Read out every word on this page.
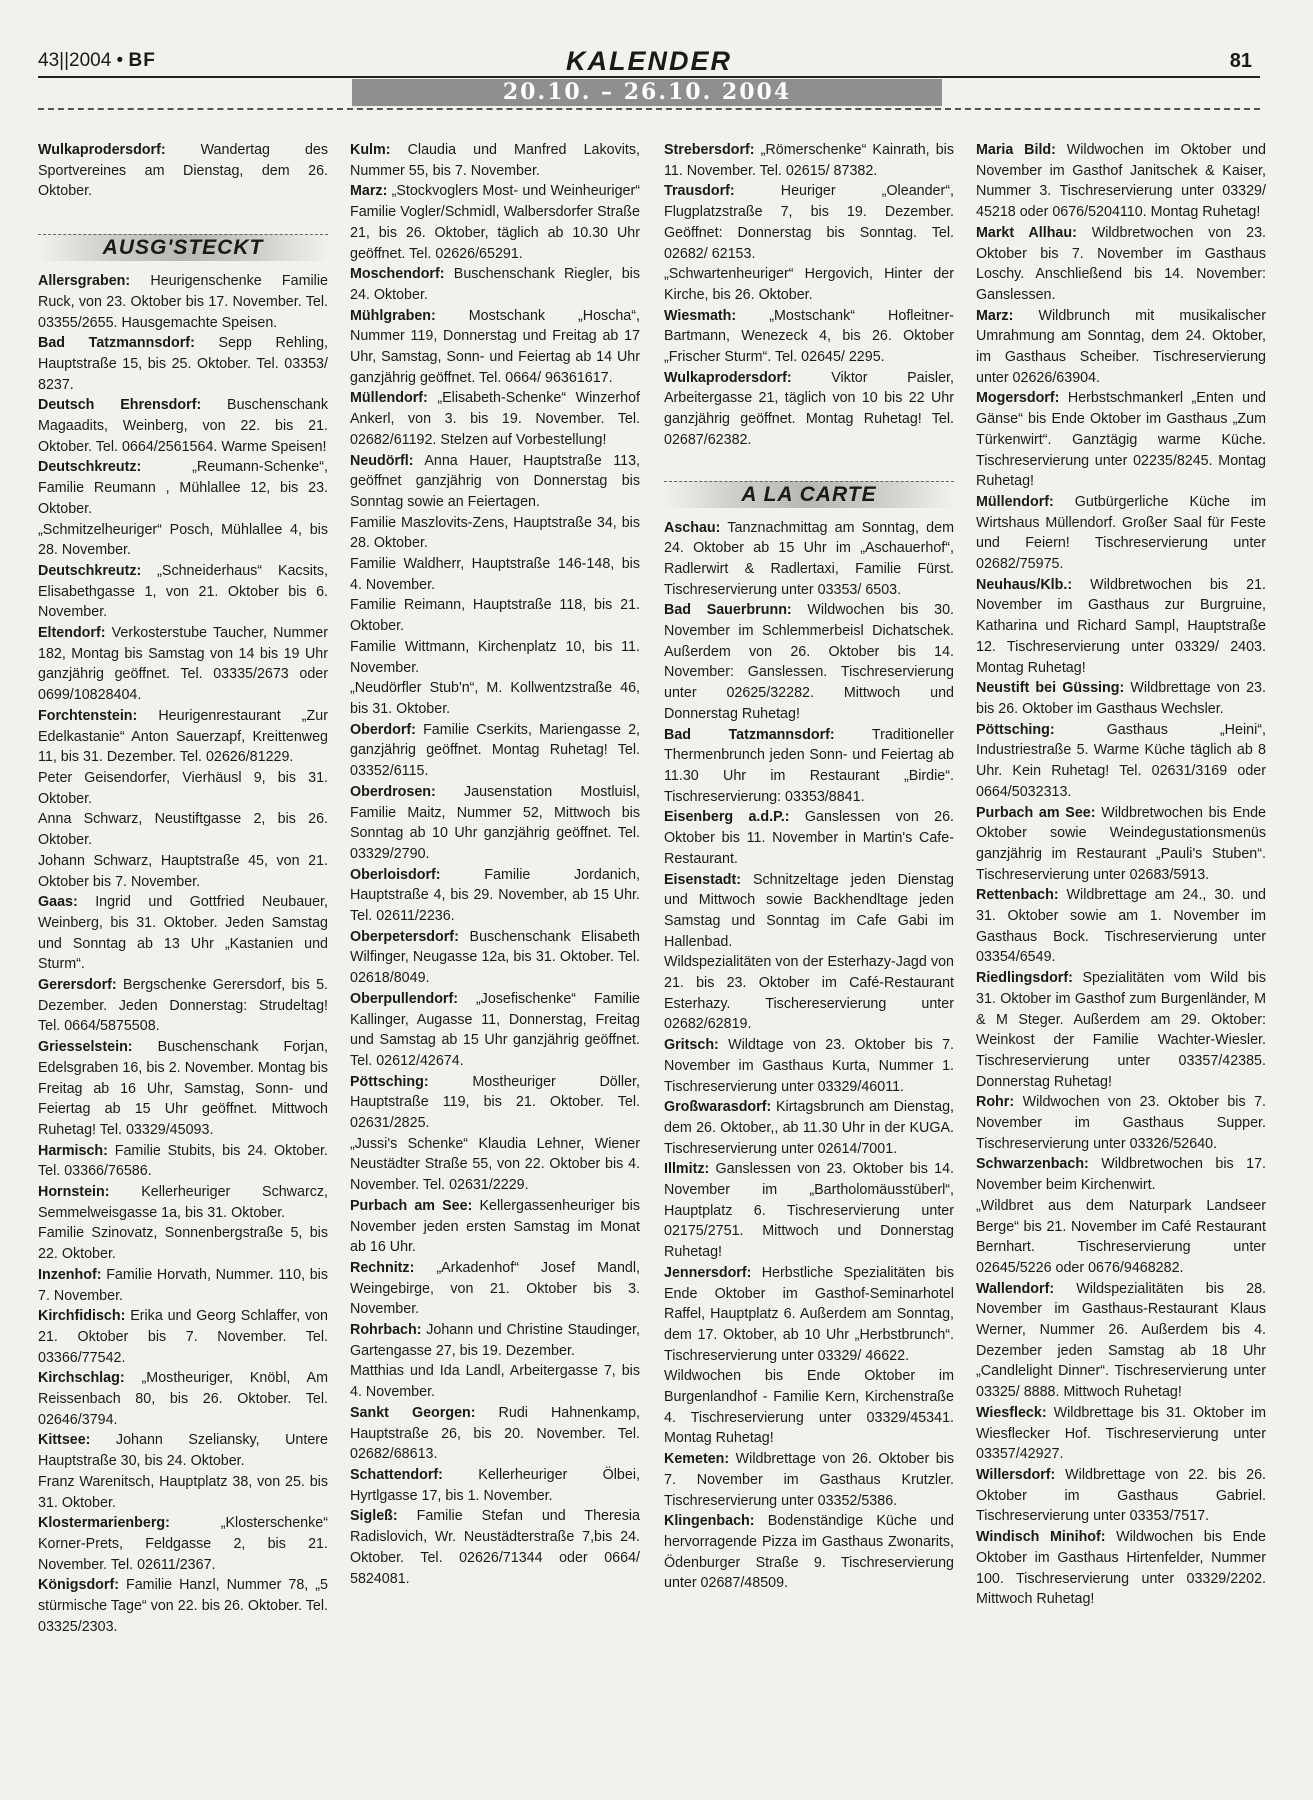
43||2004 • BF	KALENDER	81
20.10. – 26.10. 2004

Wulkaprodersdorf: Wandertag des Sportvereines am Dienstag, dem 26. Oktober.

AUSG'STECKT

Allersgraben: Heurigenschenke Familie Ruck, von 23. Oktober bis 17. November. Tel. 03355/2655. Hausgemachte Speisen.

Bad Tatzmannsdorf: Sepp Rehling, Hauptstraße 15, bis 25. Oktober. Tel. 03353/ 8237.

Deutsch Ehrensdorf: Buschenschank Magaadits, Weinberg, von 22. bis 21. Oktober. Tel. 0664/2561564. Warme Speisen!

Deutschkreutz: „Reumann-Schenke“, Familie Reumann , Mühlallee 12, bis 23. Oktober.

„Schmitzelheuriger“ Posch, Mühlallee 4, bis 28. November.

Deutschkreutz: „Schneiderhaus“ Kacsits, Elisabethgasse 1, von 21. Oktober bis 6. November.

Eltendorf: Verkosterstube Taucher, Nummer 182, Montag bis Samstag von 14 bis 19 Uhr ganzjährig geöffnet. Tel. 03335/2673 oder 0699/10828404.

Forchtenstein: Heurigenrestaurant „Zur Edelkastanie“ Anton Sauerzapf, Kreittenweg 11, bis 31. Dezember. Tel. 02626/81229.

Peter Geisendorfer, Vierhäusl 9, bis 31. Oktober.

Anna Schwarz, Neustiftgasse 2, bis 26. Oktober.

Johann Schwarz, Hauptstraße 45, von 21. Oktober bis 7. November.

Gaas: Ingrid und Gottfried Neubauer, Weinberg, bis 31. Oktober. Jeden Samstag und Sonntag ab 13 Uhr „Kastanien und Sturm“.

Gerersdorf: Bergschenke Gerersdorf, bis 5. Dezember. Jeden Donnerstag: Strudeltag! Tel. 0664/5875508.

Griesselstein: Buschenschank Forjan, Edelsgraben 16, bis 2. November. Montag bis Freitag ab 16 Uhr, Samstag, Sonn- und Feiertag ab 15 Uhr geöffnet. Mittwoch Ruhetag! Tel. 03329/45093.

Harmisch: Familie Stubits, bis 24. Oktober. Tel. 03366/76586.

Hornstein: Kellerheuriger Schwarcz, Semmelweisgasse 1a, bis 31. Oktober.

Familie Szinovatz, Sonnenbergstraße 5, bis 22. Oktober.

Inzenhof: Familie Horvath, Nummer. 110, bis 7. November.

Kirchfidisch: Erika und Georg Schlaffer, von 21. Oktober bis 7. November. Tel. 03366/77542.

Kirchschlag: „Mostheuriger, Knöbl, Am Reissenbach 80, bis 26. Oktober. Tel. 02646/3794.

Kittsee: Johann Szeliansky, Untere Hauptstraße 30, bis 24. Oktober.

Franz Warenitsch, Hauptplatz 38, von 25. bis 31. Oktober.

Klostermarienberg: „Klosterschenke“ Korner-Prets, Feldgasse 2, bis 21. November. Tel. 02611/2367.

Königsdorf: Familie Hanzl, Nummer 78, „5 stürmische Tage“ von 22. bis 26. Oktober. Tel. 03325/2303.

Kulm: Claudia und Manfred Lakovits, Nummer 55, bis 7. November.

Marz: „Stockvoglers Most- und Weinheuriger“ Familie Vogler/Schmidl, Walbersdorfer Straße 21, bis 26. Oktober, täglich ab 10.30 Uhr geöffnet. Tel. 02626/65291.

Moschendorf: Buschenschank Riegler, bis 24. Oktober.

Mühlgraben: Mostschank „Hoscha“, Nummer 119, Donnerstag und Freitag ab 17 Uhr, Samstag, Sonn- und Feiertag ab 14 Uhr ganzjährig geöffnet. Tel. 0664/ 96361617.

Müllendorf: „Elisabeth-Schenke“ Winzerhof Ankerl, von 3. bis 19. November. Tel. 02682/61192. Stelzen auf Vorbestellung!

Neudörfl: Anna Hauer, Hauptstraße 113, geöffnet ganzjährig von Donnerstag bis Sonntag sowie an Feiertagen.

Familie Maszlovits-Zens, Hauptstraße 34, bis 28. Oktober.

Familie Waldherr, Hauptstraße 146-148, bis 4. November.

Familie Reimann, Hauptstraße 118, bis 21. Oktober.

Familie Wittmann, Kirchenplatz 10, bis 11. November.

„Neudörfler Stub'n“, M. Kollwentzstraße 46, bis 31. Oktober.

Oberdorf: Familie Cserkits, Mariengasse 2, ganzjährig geöffnet. Montag Ruhetag! Tel. 03352/6115.

Oberdrosen: Jausenstation Mostluisl, Familie Maitz, Nummer 52, Mittwoch bis Sonntag ab 10 Uhr ganzjährig geöffnet. Tel. 03329/2790.

Oberloisdorf: Familie Jordanich, Hauptstraße 4, bis 29. November, ab 15 Uhr. Tel. 02611/2236.

Oberpetersdorf: Buschenschank Elisabeth Wilfinger, Neugasse 12a, bis 31. Oktober. Tel. 02618/8049.

Oberpullendorf: „Josefischenke“ Familie Kallinger, Augasse 11, Donnerstag, Freitag und Samstag ab 15 Uhr ganzjährig geöffnet. Tel. 02612/42674.

Pöttsching: Mostheuriger Döller, Hauptstraße 119, bis 21. Oktober. Tel. 02631/2825.

„Jussi's Schenke“ Klaudia Lehner, Wiener Neustädter Straße 55, von 22. Oktober bis 4. November. Tel. 02631/2229.

Purbach am See: Kellergassenheuriger bis November jeden ersten Samstag im Monat ab 16 Uhr.

Rechnitz: „Arkadenhof“ Josef Mandl, Weingebirge, von 21. Oktober bis 3. November.

Rohrbach: Johann und Christine Staudinger, Gartengasse 27, bis 19. Dezember.

Matthias und Ida Landl, Arbeitergasse 7, bis 4. November.

Sankt Georgen: Rudi Hahnenkamp, Hauptstraße 26, bis 20. November. Tel. 02682/68613.

Schattendorf: Kellerheuriger Ölbei, Hyrtlgasse 17, bis 1. November.

Sigleß: Familie Stefan und Theresia Radislovich, Wr. Neustädterstraße 7,bis 24. Oktober. Tel. 02626/71344 oder 0664/ 5824081.

Strebersdorf: „Römerschenke“ Kainrath, bis 11. November. Tel. 02615/ 87382.

Trausdorf: Heuriger „Oleander“, Flugplatzstraße 7, bis 19. Dezember. Geöffnet: Donnerstag bis Sonntag. Tel. 02682/ 62153.

„Schwartenheuriger“ Hergovich, Hinter der Kirche, bis 26. Oktober.

Wiesmath: „Mostschank“ Hofleitner-Bartmann, Wenezeck 4, bis 26. Oktober „Frischer Sturm“. Tel. 02645/ 2295.

Wulkaprodersdorf: Viktor Paisler, Arbeitergasse 21, täglich von 10 bis 22 Uhr ganzjährig geöffnet. Montag Ruhetag! Tel. 02687/62382.

A LA CARTE

Aschau: Tanznachmittag am Sonntag, dem 24. Oktober ab 15 Uhr im „Aschauerhof“, Radlerwirt & Radlertaxi, Familie Fürst. Tischreservierung unter 03353/ 6503.

Bad Sauerbrunn: Wildwochen bis 30. November im Schlemmerbeisl Dichatschek. Außerdem von 26. Oktober bis 14. November: Ganslessen. Tischreservierung unter 02625/32282. Mittwoch und Donnerstag Ruhetag!

Bad Tatzmannsdorf: Traditioneller Thermenbrunch jeden Sonn- und Feiertag ab 11.30 Uhr im Restaurant „Birdie“. Tischreservierung: 03353/8841.

Eisenberg a.d.P.: Ganslessen von 26. Oktober bis 11. November in Martin's Cafe-Restaurant.

Eisenstadt: Schnitzeltage jeden Dienstag und Mittwoch sowie Backhendltage jeden Samstag und Sonntag im Cafe Gabi im Hallenbad.

Wildspezialitäten von der Esterhazy-Jagd von 21. bis 23. Oktober im Café-Restaurant Esterhazy. Tischereservierung unter 02682/62819.

Gritsch: Wildtage von 23. Oktober bis 7. November im Gasthaus Kurta, Nummer 1. Tischreservierung unter 03329/46011.

Großwarasdorf: Kirtagsbrunch am Dienstag, dem 26. Oktober,, ab 11.30 Uhr in der KUGA. Tischreservierung unter 02614/7001.

Illmitz: Ganslessen von 23. Oktober bis 14. November im „Bartholomäusstüberl“, Hauptplatz 6. Tischreservierung unter 02175/2751. Mittwoch und Donnerstag Ruhetag!

Jennersdorf: Herbstliche Spezialitäten bis Ende Oktober im Gasthof-Seminarhotel Raffel, Hauptplatz 6. Außerdem am Sonntag, dem 17. Oktober, ab 10 Uhr „Herbstbrunch“. Tischreservierung unter 03329/ 46622.

Wildwochen bis Ende Oktober im Burgenlandhof - Familie Kern, Kirchenstraße 4. Tischreservierung unter 03329/45341. Montag Ruhetag!

Kemeten: Wildbrettage von 26. Oktober bis 7. November im Gasthaus Krutzler. Tischreservierung unter 03352/5386.

Klingenbach: Bodenständige Küche und hervorragende Pizza im Gasthaus Zwonarits, Ödenburger Straße 9. Tischreservierung unter 02687/48509.

Maria Bild: Wildwochen im Oktober und November im Gasthof Janitschek & Kaiser, Nummer 3. Tischreservierung unter 03329/ 45218 oder 0676/5204110. Montag Ruhetag!

Markt Allhau: Wildbretwochen von 23. Oktober bis 7. November im Gasthaus Loschy. Anschließend bis 14. November: Ganslessen.

Marz: Wildbrunch mit musikalischer Umrahmung am Sonntag, dem 24. Oktober, im Gasthaus Scheiber. Tischreservierung unter 02626/63904.

Mogersdorf: Herbstschmankerl „Enten und Gänse“ bis Ende Oktober im Gasthaus „Zum Türkenwirt“. Ganztägig warme Küche. Tischreservierung unter 02235/8245. Montag Ruhetag!

Müllendorf: Gutbürgerliche Küche im Wirtshaus Müllendorf. Großer Saal für Feste und Feiern! Tischreservierung unter 02682/75975.

Neuhaus/Klb.: Wildbretwochen bis 21. November im Gasthaus zur Burgruine, Katharina und Richard Sampl, Hauptstraße 12. Tischreservierung unter 03329/ 2403. Montag Ruhetag!

Neustift bei Güssing: Wildbrettage von 23. bis 26. Oktober im Gasthaus Wechsler.

Pöttsching: Gasthaus „Heini“, Industriestraße 5. Warme Küche täglich ab 8 Uhr. Kein Ruhetag! Tel. 02631/3169 oder 0664/5032313.

Purbach am See: Wildbretwochen bis Ende Oktober sowie Weindegustationsmenüs ganzjährig im Restaurant „Pauli's Stuben“. Tischreservierung unter 02683/5913.

Rettenbach: Wildbrettage am 24., 30. und 31. Oktober sowie am 1. November im Gasthaus Bock. Tischreservierung unter 03354/6549.

Riedlingsdorf: Spezialitäten vom Wild bis 31. Oktober im Gasthof zum Burgenländer, M & M Steger. Außerdem am 29. Oktober: Weinkost der Familie Wachter-Wiesler. Tischreservierung unter 03357/42385. Donnerstag Ruhetag!

Rohr: Wildwochen von 23. Oktober bis 7. November im Gasthaus Supper. Tischreservierung unter 03326/52640.

Schwarzenbach: Wildbretwochen bis 17. November beim Kirchenwirt.

„Wildbret aus dem Naturpark Landseer Berge“ bis 21. November im Café Restaurant Bernhart. Tischreservierung unter 02645/5226 oder 0676/9468282.

Wallendorf: Wildspezialitäten bis 28. November im Gasthaus-Restaurant Klaus Werner, Nummer 26. Außerdem bis 4. Dezember jeden Samstag ab 18 Uhr „Candlelight Dinner“. Tischreservierung unter 03325/ 8888. Mittwoch Ruhetag!

Wiesfleck: Wildbrettage bis 31. Oktober im Wiesflecker Hof. Tischreservierung unter 03357/42927.

Willersdorf: Wildbrettage von 22. bis 26. Oktober im Gasthaus Gabriel. Tischreservierung unter 03353/7517.

Windisch Minihof: Wildwochen bis Ende Oktober im Gasthaus Hirtenfelder, Nummer 100. Tischreservierung unter 03329/2202. Mittwoch Ruhetag!
